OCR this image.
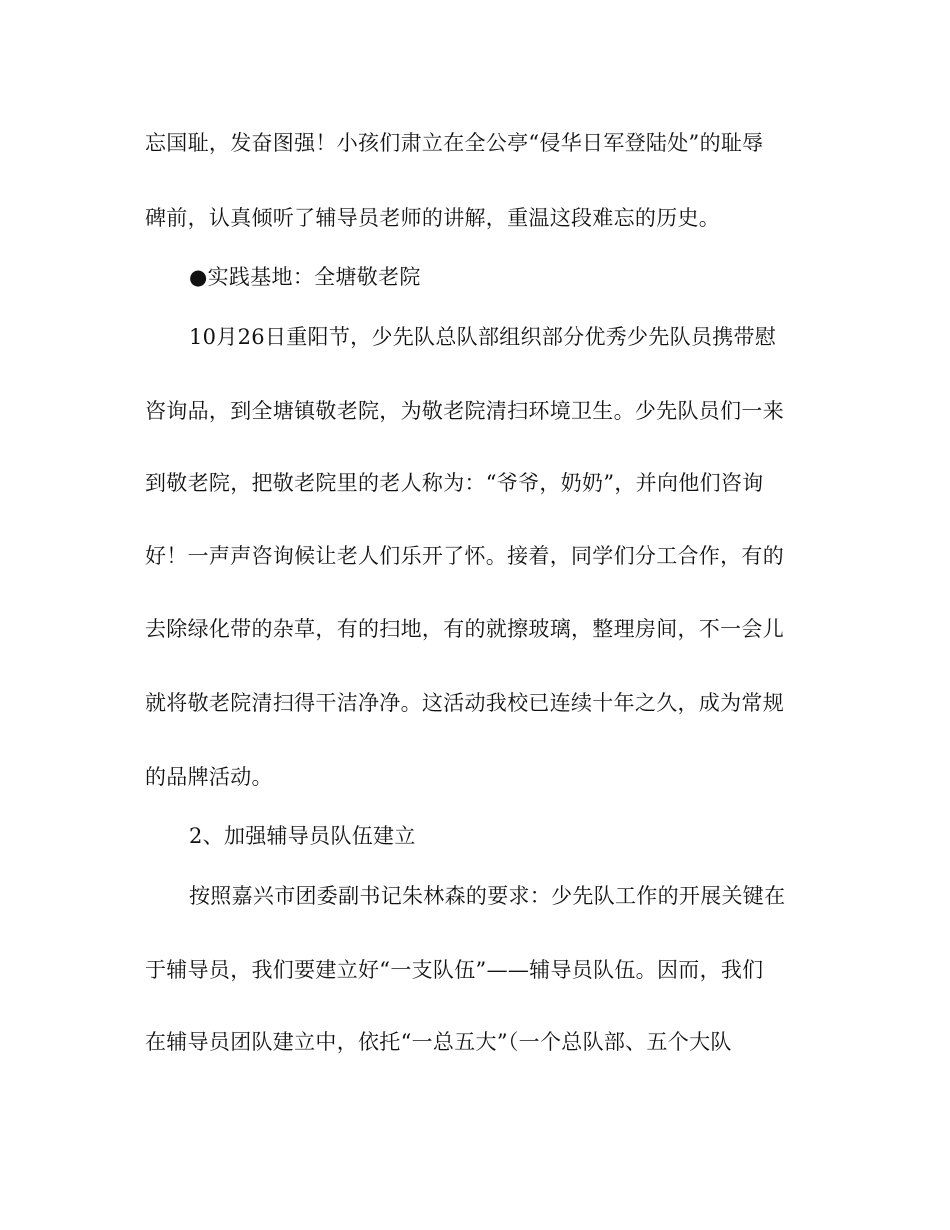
忘国耻，发奋图强！小孩们肃立在全公亭“侵华日军登陆处”的耻辱
碑前，认真倾听了辅导员老师的讲解，重温这段难忘的历史。
●实践基地：全塘敬老院
10月26日重阳节，少先队总队部组织部分优秀少先队员携带慰
咨询品，到全塘镇敬老院，为敬老院清扫环境卫生。少先队员们一来
到敬老院，把敬老院里的老人称为：“爷爷，奶奶”，并向他们咨询
好！一声声咨询候让老人们乐开了怀。接着，同学们分工合作，有的
去除绿化带的杂草，有的扫地，有的就擦玻璃，整理房间，不一会儿
就将敬老院清扫得干洁净净。这活动我校已连续十年之久，成为常规
的品牌活动。
2、加强辅导员队伍建立
按照嘉兴市团委副书记朱林森的要求：少先队工作的开展关键在
于辅导员，我们要建立好“一支队伍”——辅导员队伍。因而，我们
在辅导员团队建立中，依托“一总五大”（一个总队部、五个大队
